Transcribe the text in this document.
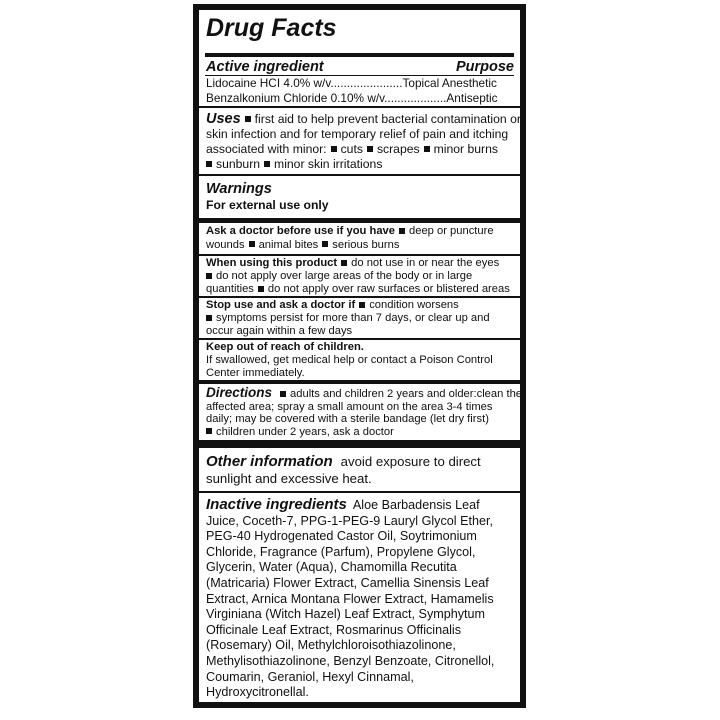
Drug Facts
Active ingredient	Purpose
Lidocaine HCI 4.0% w/v......................Topical Anesthetic
Benzalkonium Chloride 0.10% w/v...................Antiseptic
Uses first aid to help prevent bacterial contamination or
skin infection and for temporary relief of pain and itching
associated with minor: cuts scrapes minor burns
sunburn minor skin irritations
Warnings
For external use only
Ask a doctor before use if you have deep or puncture
wounds animal bites serious burns
When using this product do not use in or near the eyes
do not apply over large areas of the body or in large
quantities do not apply over raw surfaces or blistered areas
Stop use and ask a doctor if condition worsens
symptoms persist for more than 7 days, or clear up and
occur again within a few days
Keep out of reach of children.
If swallowed, get medical help or contact a Poison Control
Center immediately.
Directions adults and children 2 years and older:clean the
affected area; spray a small amount on the area 3-4 times
daily; may be covered with a sterile bandage (let dry first)
children under 2 years, ask a doctor
Other information avoid exposure to direct
sunlight and excessive heat.
Inactive ingredients Aloe Barbadensis Leaf
Juice, Coceth-7, PPG-1-PEG-9 Lauryl Glycol Ether,
PEG-40 Hydrogenated Castor Oil, Soytrimonium
Chloride, Fragrance (Parfum), Propylene Glycol,
Glycerin, Water (Aqua), Chamomilla Recutita
(Matricaria) Flower Extract, Camellia Sinensis Leaf
Extract, Arnica Montana Flower Extract, Hamamelis
Virginiana (Witch Hazel) Leaf Extract, Symphytum
Officinale Leaf Extract, Rosmarinus Officinalis
(Rosemary) Oil, Methylchloroisothiazolinone,
Methylisothiazolinone, Benzyl Benzoate, Citronellol,
Coumarin, Geraniol, Hexyl Cinnamal,
Hydroxycitronellal.
